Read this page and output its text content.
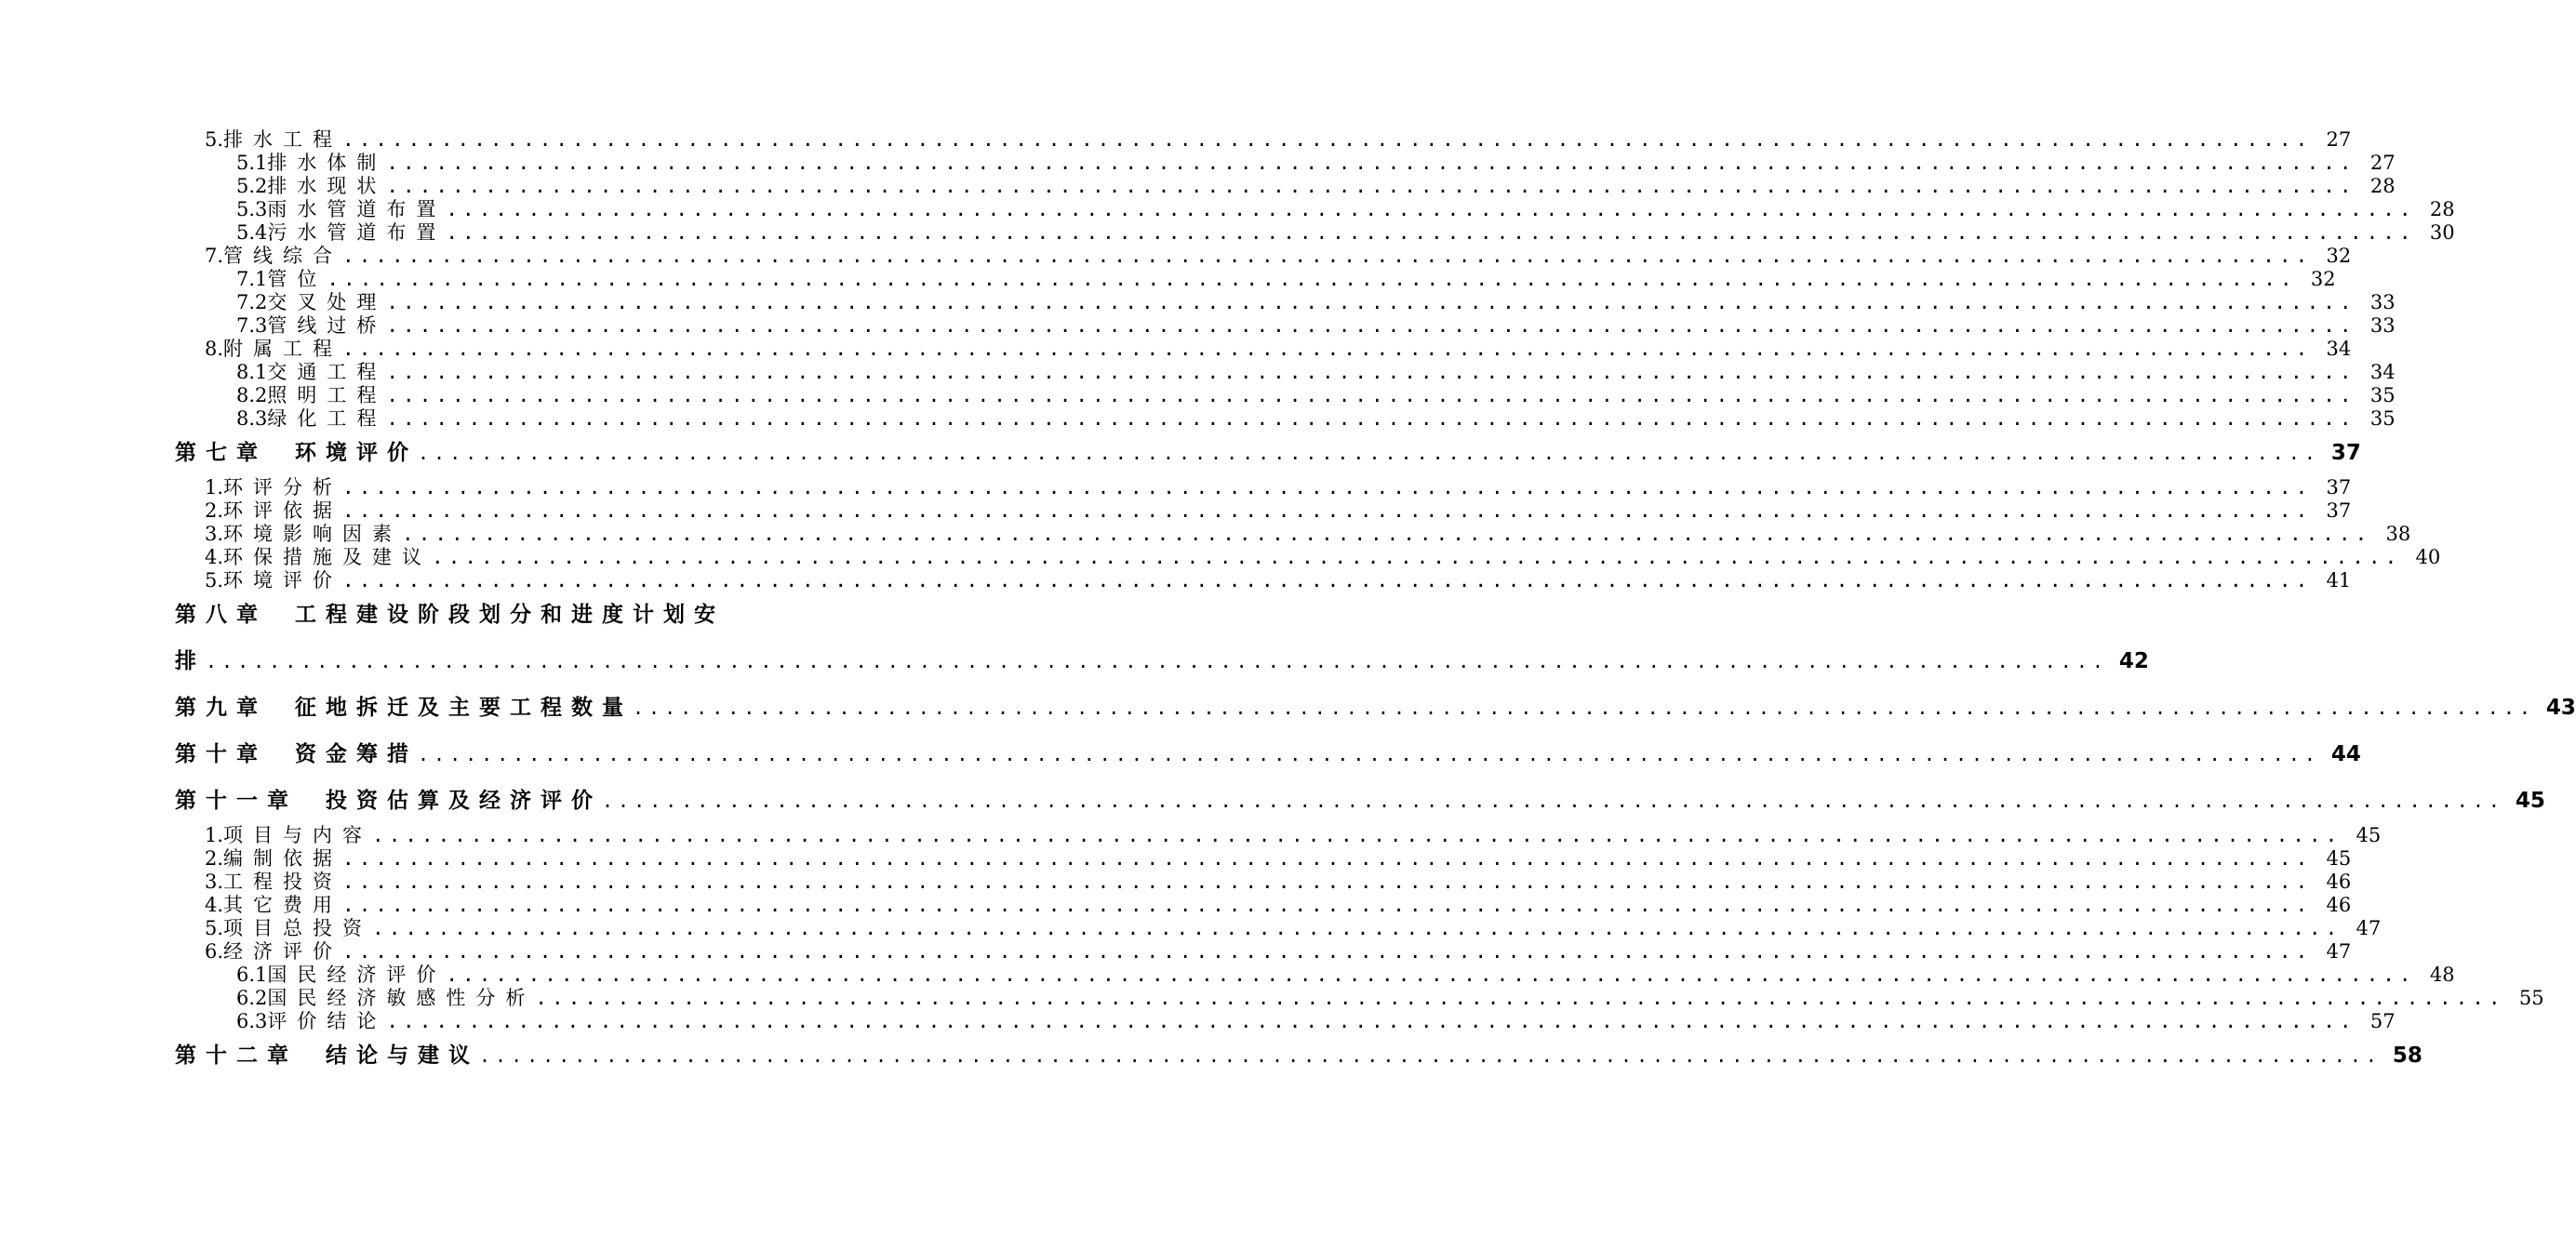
5. 排水工程 ........................................................................................................................ 27
5.1 排水体制 ........................................................................................................................ 27
5.2 排水现状 ........................................................................................................................ 28
5.3 雨水管道布置 ........................................................................................................................ 28
5.4 污水管道布置 ........................................................................................................................ 30
7. 管线综合 ........................................................................................................................ 32
7.1 管位 ........................................................................................................................ 32
7.2 交叉处理 ........................................................................................................................ 33
7.3 管线过桥 ........................................................................................................................ 33
8. 附属工程 ........................................................................................................................ 34
8.1 交通工程 ........................................................................................................................ 34
8.2 照明工程 ........................................................................................................................ 35
8.3 绿化工程 ........................................................................................................................ 35
第七章 环境评价 ........................................................................................................................ 37
1. 环评分析 ........................................................................................................................ 37
2. 环评依据 ........................................................................................................................ 37
3. 环境影响因素 ........................................................................................................................ 38
4. 环保措施及建议 ........................................................................................................................ 40
5. 环境评价 ........................................................................................................................ 41
第八章 工程建设阶段划分和进度计划安
排 ........................................................................................................................ 42
第九章 征地拆迁及主要工程数量 ........................................................................................................................ 43
第十章 资金筹措 ........................................................................................................................ 44
第十一章 投资估算及经济评价 ........................................................................................................................ 45
1. 项目与内容 ........................................................................................................................ 45
2. 编制依据 ........................................................................................................................ 45
3. 工程投资 ........................................................................................................................ 46
4. 其它费用 ........................................................................................................................ 46
5. 项目总投资 ........................................................................................................................ 47
6. 经济评价 ........................................................................................................................ 47
6.1 国民经济评价 ........................................................................................................................ 48
6.2 国民经济敏感性分析 ........................................................................................................................ 55
6.3 评价结论 ........................................................................................................................ 57
第十二章 结论与建议 ........................................................................................................................ 58
